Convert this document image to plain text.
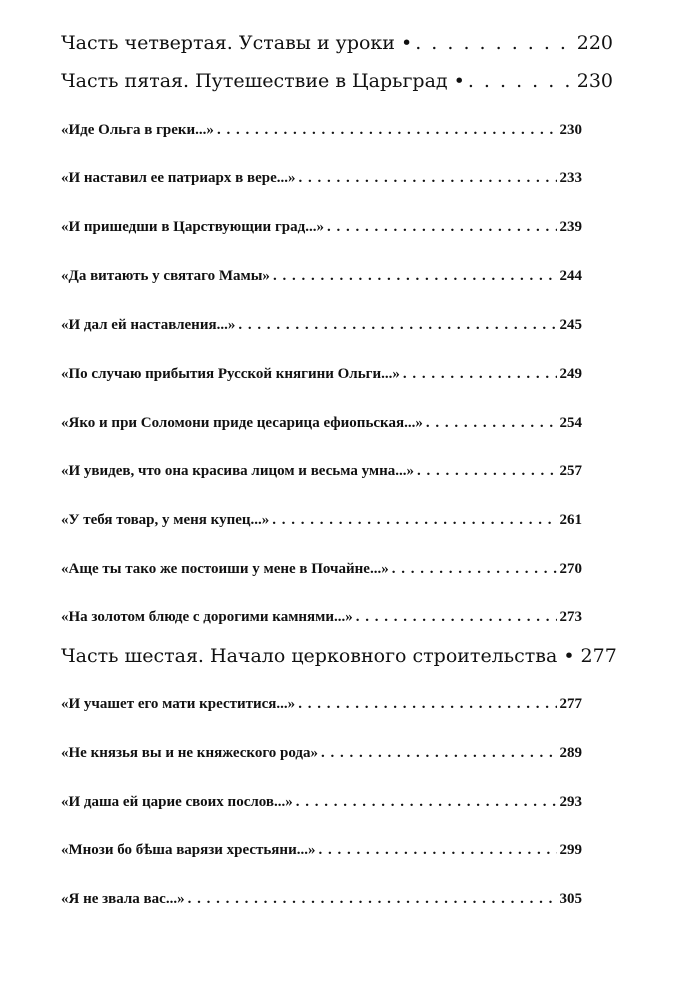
Часть четвертая. Уставы и уроки • . . .	220
Часть пятая. Путешествие в Царьград • . . .	230
«Иде Ольга в греки...» . . .	230
«И наставил ее патриарх в вере...» . . .	233
«И пришедши в Царствующии град...» . . .	239
«Да витають у святаго Мамы» . . .	244
«И дал ей наставления...» . . .	245
«По случаю прибытия Русской княгини Ольги...» . . .	249
«Яко и при Соломони приде цесарица ефиопьская...» . . .	254
«И увидев, что она красива лицом и весьма умна...» . . .	257
«У тебя товар, у меня купец...» . . .	261
«Аще ты тако же постоиши у мене в Почайне...» . . .	270
«На золотом блюде с дорогими камнями...» . . .	273
Часть шестая. Начало церковного строительства • 277
«И учашет его мати креститися...» . . .	277
«Не князья вы и не княжеского рода» . . .	289
«И даша ей царие своих послов...» . . .	293
«Мнози бо бѣша варязи хрестьяни...» . . .	299
«Я не звала вас...» . . .	305
